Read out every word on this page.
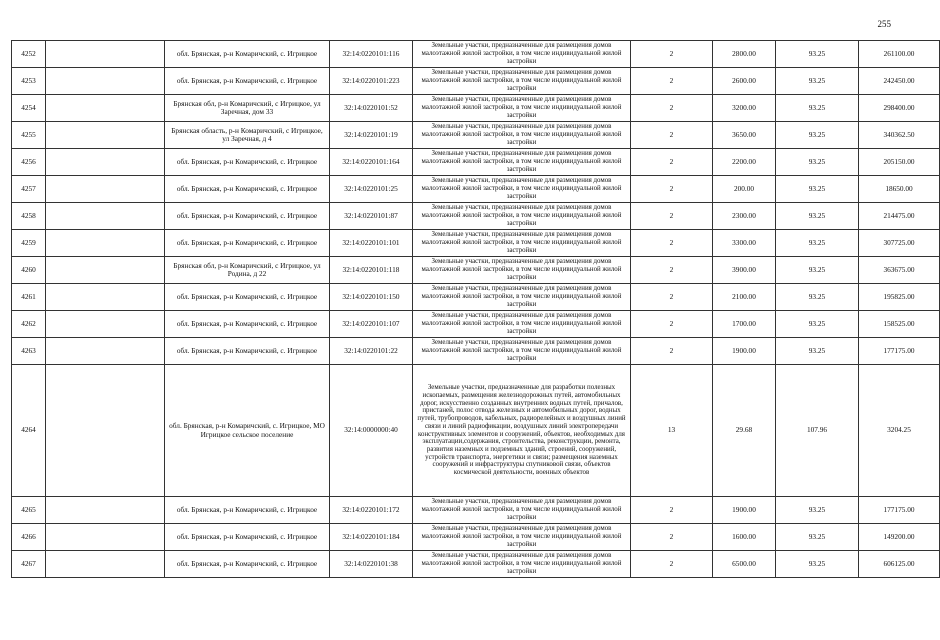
255
4252		обл. Брянская, р-н Комаричский, с. Игрицкое	32:14:0220101:116	Земельные участки, предназначенные для размещения домов малоэтажной жилой застройки, в том числе индивидуальной жилой застройки	2	2800.00	93.25	261100.00
4253		обл. Брянская, р-н Комаричский, с. Игрицкое	32:14:0220101:223	Земельные участки, предназначенные для размещения домов малоэтажной жилой застройки, в том числе индивидуальной жилой застройки	2	2600.00	93.25	242450.00
4254		Брянская обл, р-н Комаричский, с Игрицкое, ул Заречная, дом 33	32:14:0220101:52	Земельные участки, предназначенные для размещения домов малоэтажной жилой застройки, в том числе индивидуальной жилой застройки	2	3200.00	93.25	298400.00
4255		Брянская область, р-н Комаричский, с Игрицкое, ул Заречная, д 4	32:14:0220101:19	Земельные участки, предназначенные для размещения домов малоэтажной жилой застройки, в том числе индивидуальной жилой застройки	2	3650.00	93.25	340362.50
4256		обл. Брянская, р-н Комаричский, с. Игрицкое	32:14:0220101:164	Земельные участки, предназначенные для размещения домов малоэтажной жилой застройки, в том числе индивидуальной жилой застройки	2	2200.00	93.25	205150.00
4257		обл. Брянская, р-н Комаричский, с. Игрицкое	32:14:0220101:25	Земельные участки, предназначенные для размещения домов малоэтажной жилой застройки, в том числе индивидуальной жилой застройки	2	200.00	93.25	18650.00
4258		обл. Брянская, р-н Комаричский, с. Игрицкое	32:14:0220101:87	Земельные участки, предназначенные для размещения домов малоэтажной жилой застройки, в том числе индивидуальной жилой застройки	2	2300.00	93.25	214475.00
4259		обл. Брянская, р-н Комаричский, с. Игрицкое	32:14:0220101:101	Земельные участки, предназначенные для размещения домов малоэтажной жилой застройки, в том числе индивидуальной жилой застройки	2	3300.00	93.25	307725.00
4260		Брянская обл, р-н Комаричский, с Игрицкое, ул Родина, д 22	32:14:0220101:118	Земельные участки, предназначенные для размещения домов малоэтажной жилой застройки, в том числе индивидуальной жилой застройки	2	3900.00	93.25	363675.00
4261		обл. Брянская, р-н Комаричский, с. Игрицкое	32:14:0220101:150	Земельные участки, предназначенные для размещения домов малоэтажной жилой застройки, в том числе индивидуальной жилой застройки	2	2100.00	93.25	195825.00
4262		обл. Брянская, р-н Комаричский, с. Игрицкое	32:14:0220101:107	Земельные участки, предназначенные для размещения домов малоэтажной жилой застройки, в том числе индивидуальной жилой застройки	2	1700.00	93.25	158525.00
4263		обл. Брянская, р-н Комаричский, с. Игрицкое	32:14:0220101:22	Земельные участки, предназначенные для размещения домов малоэтажной жилой застройки, в том числе индивидуальной жилой застройки	2	1900.00	93.25	177175.00
4264		обл. Брянская, р-н Комаричский, с. Игрицкое, МО Игрицкое сельское поселение	32:14:0000000:40	Земельные участки, предназначенные для разработки полезных ископаемых, размещения железнодорожных путей, автомобильных дорог, искусственно созданных внутренних водных путей, причалов, пристаней, полос отвода железных и автомобильных дорог, водных путей, трубопроводов, кабельных, радиорелейных и воздушных линий связи и линий радиофикации, воздушных линий электропередачи конструктивных элементов и сооружений, объектов, необходимых для эксплуатации,содержания, строительства, реконструкции, ремонта, развития наземных и подземных зданий, строений, сооружений, устройств транспорта, энергетики и связи; размещения наземных сооружений и инфраструктуры спутниковой связи, объектов космической деятельности, военных объектов	13	29.68	107.96	3204.25
4265		обл. Брянская, р-н Комаричский, с. Игрицкое	32:14:0220101:172	Земельные участки, предназначенные для размещения домов малоэтажной жилой застройки, в том числе индивидуальной жилой застройки	2	1900.00	93.25	177175.00
4266		обл. Брянская, р-н Комаричский, с. Игрицкое	32:14:0220101:184	Земельные участки, предназначенные для размещения домов малоэтажной жилой застройки, в том числе индивидуальной жилой застройки	2	1600.00	93.25	149200.00
4267		обл. Брянская, р-н Комаричский, с. Игрицкое	32:14:0220101:38	Земельные участки, предназначенные для размещения домов малоэтажной жилой застройки, в том числе индивидуальной жилой застройки	2	6500.00	93.25	606125.00
